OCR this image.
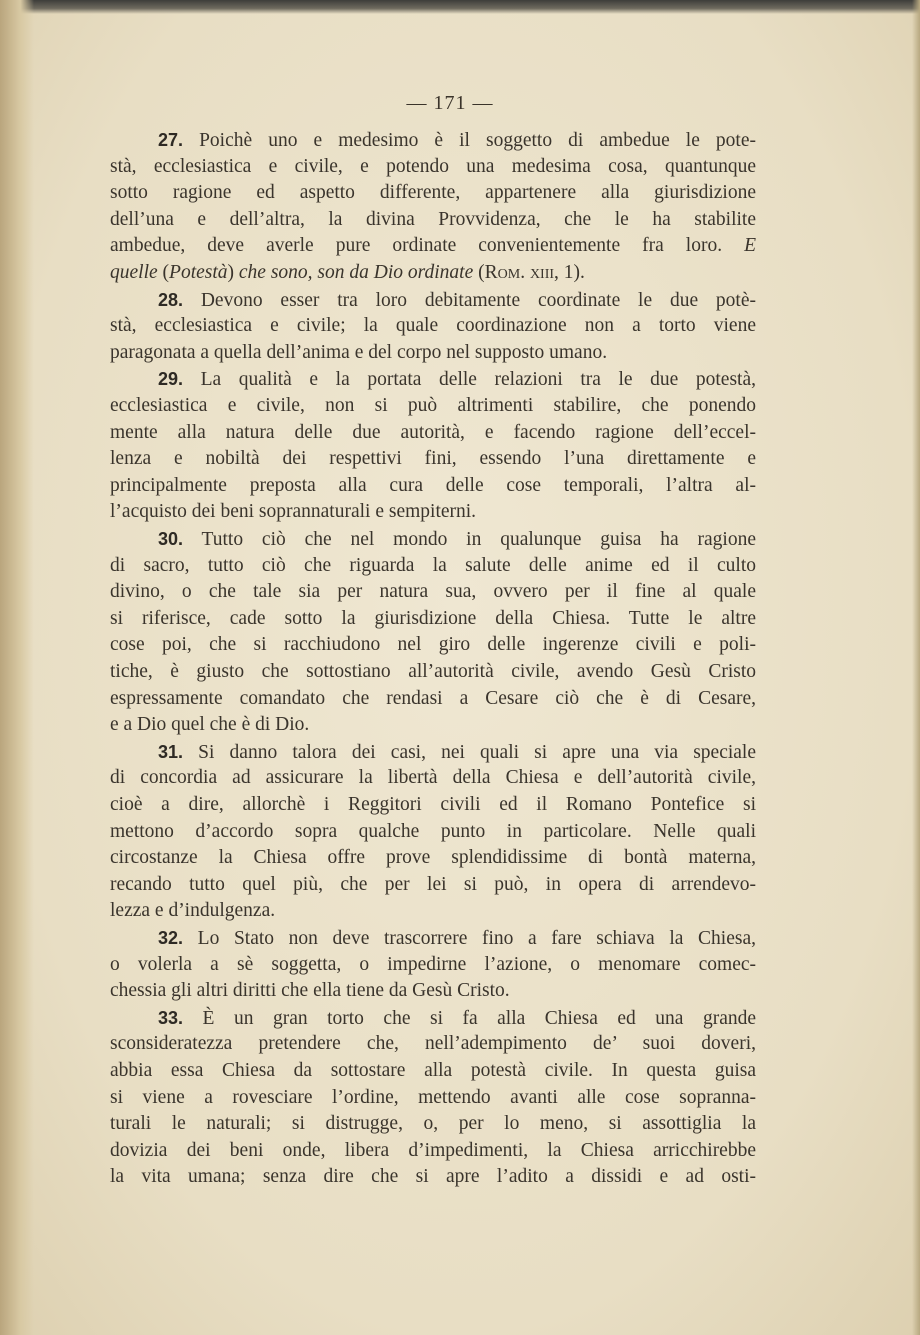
— 171 —
27. Poichè uno e medesimo è il soggetto di ambedue le pote-
stà, ecclesiastica e civile, e potendo una medesima cosa, quantunque
sotto ragione ed aspetto differente, appartenere alla giurisdizione
dell’una e dell’altra, la divina Provvidenza, che le ha stabilite
ambedue, deve averle pure ordinate convenientemente fra loro. E
quelle (Potestà) che sono, son da Dio ordinate (Rom. xiii, 1).
28. Devono esser tra loro debitamente coordinate le due potè-
stà, ecclesiastica e civile; la quale coordinazione non a torto viene
paragonata a quella dell’anima e del corpo nel supposto umano.
29. La qualità e la portata delle relazioni tra le due potestà,
ecclesiastica e civile, non si può altrimenti stabilire, che ponendo
mente alla natura delle due autorità, e facendo ragione dell’eccel-
lenza e nobiltà dei respettivi fini, essendo l’una direttamente e
principalmente preposta alla cura delle cose temporali, l’altra al-
l’acquisto dei beni soprannaturali e sempiterni.
30. Tutto ciò che nel mondo in qualunque guisa ha ragione
di sacro, tutto ciò che riguarda la salute delle anime ed il culto
divino, o che tale sia per natura sua, ovvero per il fine al quale
si riferisce, cade sotto la giurisdizione della Chiesa. Tutte le altre
cose poi, che si racchiudono nel giro delle ingerenze civili e poli-
tiche, è giusto che sottostiano all’autorità civile, avendo Gesù Cristo
espressamente comandato che rendasi a Cesare ciò che è di Cesare,
e a Dio quel che è di Dio.
31. Si danno talora dei casi, nei quali si apre una via speciale
di concordia ad assicurare la libertà della Chiesa e dell’autorità civile,
cioè a dire, allorchè i Reggitori civili ed il Romano Pontefice si
mettono d’accordo sopra qualche punto in particolare. Nelle quali
circostanze la Chiesa offre prove splendidissime di bontà materna,
recando tutto quel più, che per lei si può, in opera di arrendevo-
lezza e d’indulgenza.
32. Lo Stato non deve trascorrere fino a fare schiava la Chiesa,
o volerla a sè soggetta, o impedirne l’azione, o menomare comec-
chessia gli altri diritti che ella tiene da Gesù Cristo.
33. È un gran torto che si fa alla Chiesa ed una grande
sconsideratezza pretendere che, nell’adempimento de’ suoi doveri,
abbia essa Chiesa da sottostare alla potestà civile. In questa guisa
si viene a rovesciare l’ordine, mettendo avanti alle cose sopranna-
turali le naturali; si distrugge, o, per lo meno, si assottiglia la
dovizia dei beni onde, libera d’impedimenti, la Chiesa arricchirebbe
la vita umana; senza dire che si apre l’adito a dissidi e ad osti-
